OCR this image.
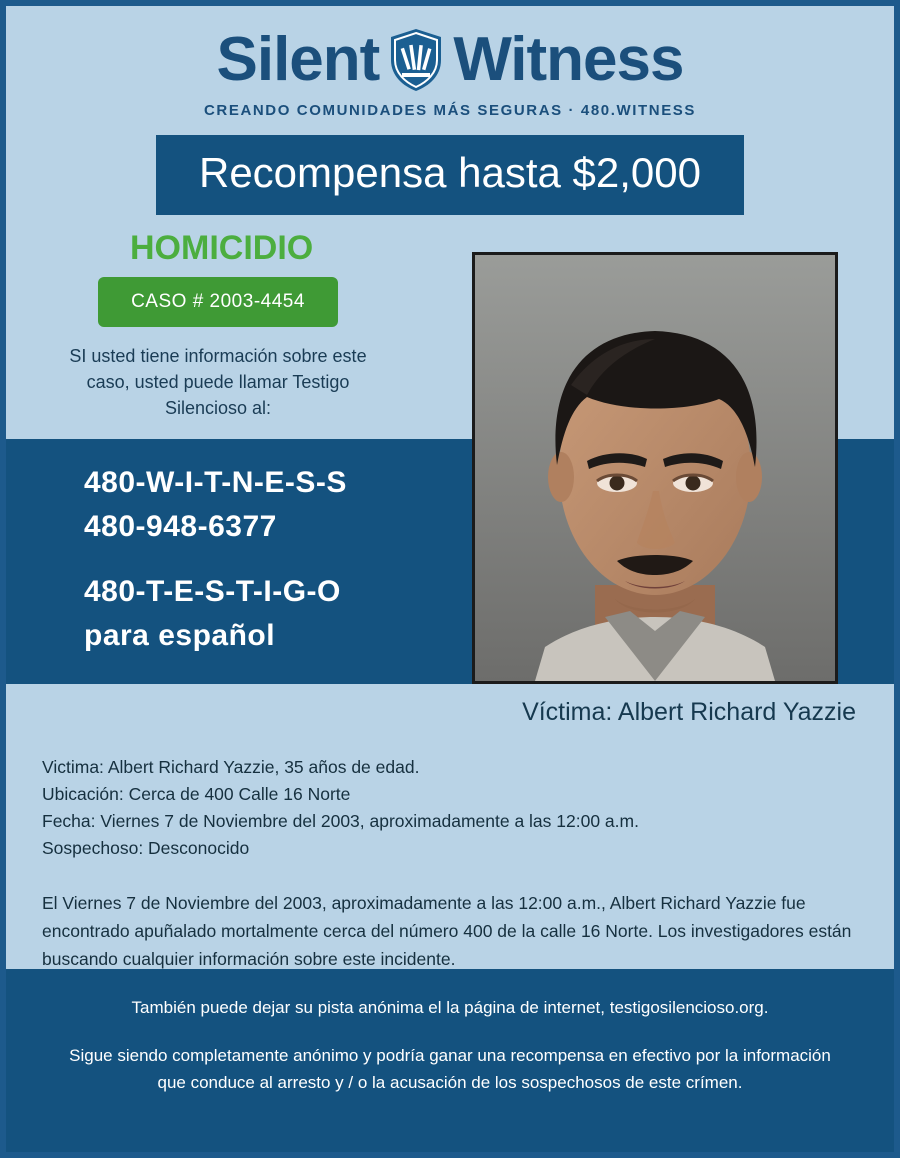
Silent Witness
CREANDO COMUNIDADES MÁS SEGURAS · 480.WITNESS
Recompensa hasta $2,000
HOMICIDIO
CASO # 2003-4454
SI usted tiene información sobre este caso, usted puede llamar Testigo Silencioso al:
480-W-I-T-N-E-S-S
480-948-6377
480-T-E-S-T-I-G-O
para español
Víctima: Albert Richard Yazzie
Victima: Albert Richard Yazzie, 35 años de edad.
Ubicación: Cerca de 400 Calle 16 Norte
Fecha: Viernes 7 de Noviembre del 2003, aproximadamente a las 12:00 a.m.
Sospechoso: Desconocido
El Viernes 7 de Noviembre del 2003, aproximadamente a las 12:00 a.m., Albert Richard Yazzie fue encontrado apuñalado mortalmente cerca del número 400 de la calle 16 Norte. Los investigadores están buscando cualquier información sobre este incidente.
También puede dejar su pista anónima el la página de internet, testigosilencioso.org.
Sigue siendo completamente anónimo y podría ganar una recompensa en efectivo por la información que conduce al arresto y / o la acusación de los sospechosos de este crímen.
